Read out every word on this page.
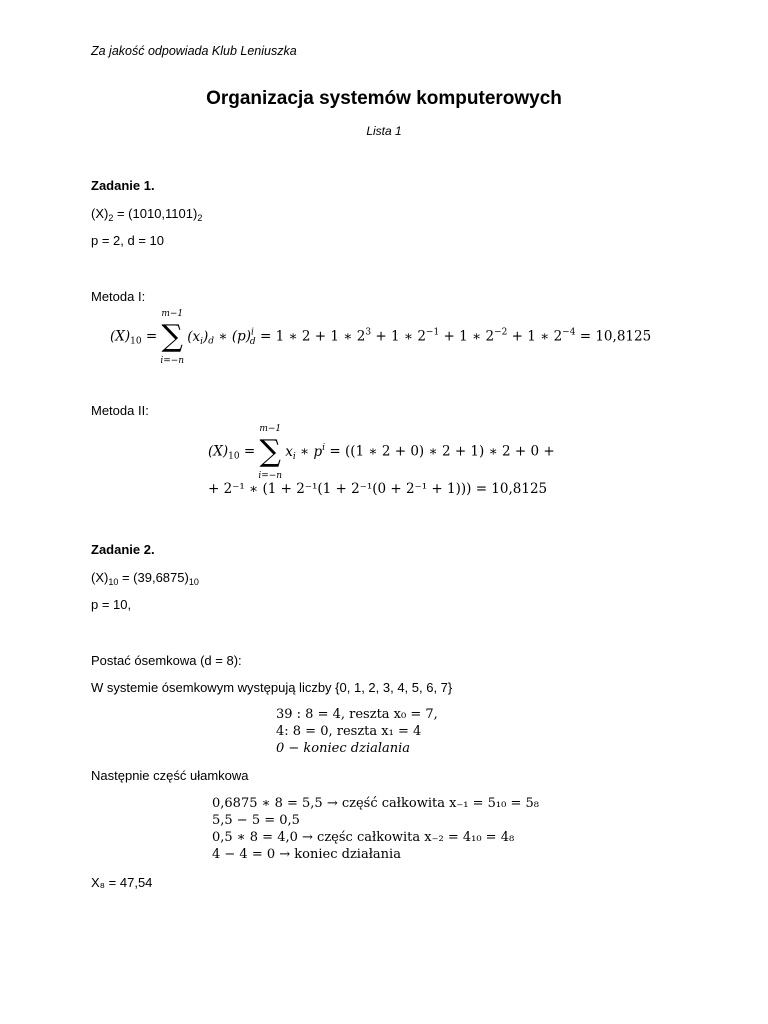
Za jakość odpowiada Klub Leniuszka
Organizacja systemów komputerowych
Lista 1
Zadanie 1.
$(X)_2 = (1010,1101)_2$
p = 2, d = 10
Metoda I:
$(X)_{10}$ =
m−1
∑
i=−n
$(x_i)_d$ ∗ $(p)^i_d = 1$ ∗ 2 + 1 ∗ $2^3 + 1$ ∗ $2^{-1} + 1$ ∗ $2^{-2} + 1$ ∗ $2^{-4} = 10,8125$
Metoda II:
$(X)_{10}$ =
m−1
∑
i=−n
$x_i$ ∗ $p^i = ((1$ ∗ 2 + 0) ∗ 2 + 1) ∗ 2 + 0 +
+ 2⁻¹ ∗ (1 + 2⁻¹(1 + 2⁻¹(0 + 2⁻¹ + 1))) = 10,8125
Zadanie 2.
$(X)_{10} = (39,6875)_{10}$
p = 10,
Postać ósemkowa (d = 8):
W systemie ósemkowym występują liczby {0, 1, 2, 3, 4, 5, 6, 7}
39 : 8 = 4, reszta x₀ = 7,
4: 8 = 0, reszta x₁ = 4
0 − koniec dzialania
Następnie część ułamkowa
0,6875 ∗ 8 = 5,5 → część całkowita x₋₁ = 5₁₀ = 5₈
5,5 − 5 = 0,5
0,5 ∗ 8 = 4,0 → częśc całkowita x₋₂ = 4₁₀ = 4₈
4 − 4 = 0 → koniec działania
X₈ = 47,54
